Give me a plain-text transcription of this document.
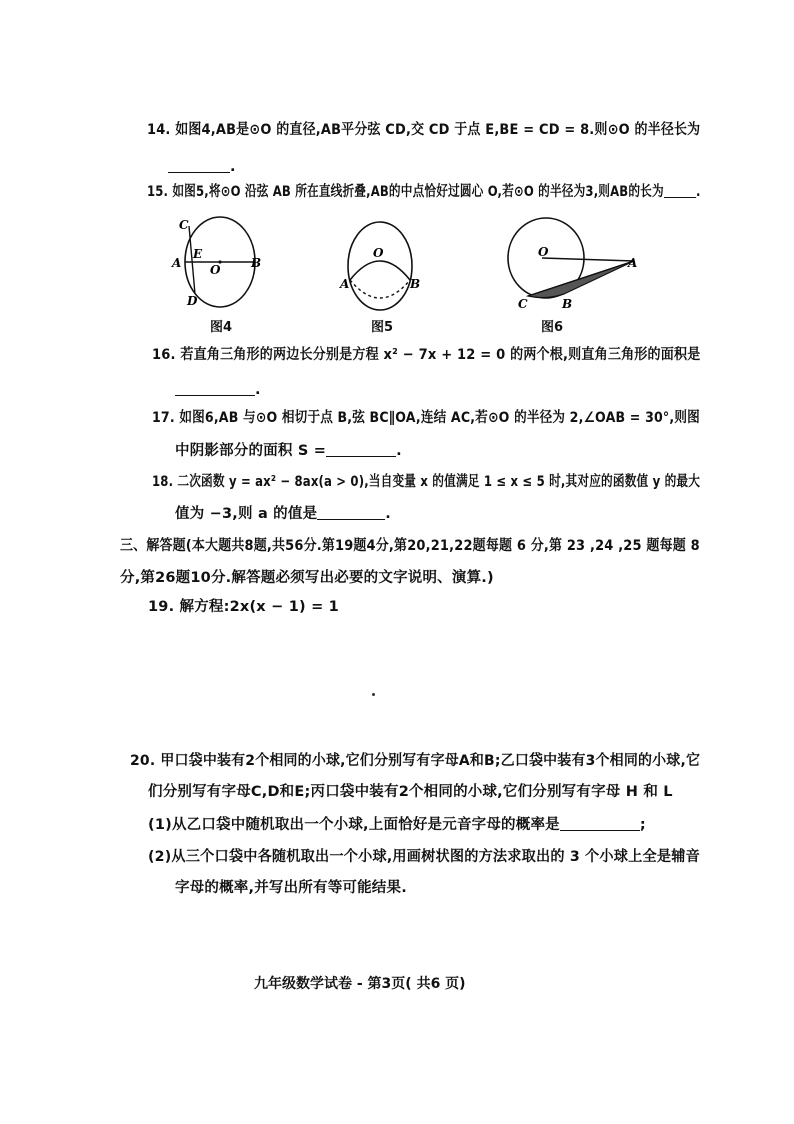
14. 如图4,AB是⊙O 的直径,AB平分弦 CD,交 CD 于点 E,BE = CD = 8.则⊙O 的半径长为
.
15. 如图5,将⊙O 沿弦 AB 所在直线折叠,AB的中点恰好过圆心 O,若⊙O 的半径为3,则AB的长为 .
C
E
A O	B
D
图4
O
A	B
图5
O
A
C	B
图6
16. 若直角三角形的两边长分别是方程 x² − 7x + 12 = 0 的两个根,则直角三角形的面积是
.
17. 如图6,AB 与⊙O 相切于点 B,弦 BC∥OA,连结 AC,若⊙O 的半径为 2,∠OAB = 30°,则图
中阴影部分的面积 S =	.
18. 二次函数 y = ax² − 8ax(a > 0),当自变量 x 的值满足 1 ≤ x ≤ 5 时,其对应的函数值 y 的最大
值为 −3,则 a 的值是	.
三、解答题(本大题共8题,共56分.第19题4分,第20,21,22题每题 6 分,第 23 ,24 ,25 题每题 8
分,第26题10分.解答题必须写出必要的文字说明、演算.)
19. 解方程:2x(x − 1) = 1
20. 甲口袋中装有2个相同的小球,它们分别写有字母A和B;乙口袋中装有3个相同的小球,它
们分别写有字母C,D和E;丙口袋中装有2个相同的小球,它们分别写有字母 H 和 L
(1)从乙口袋中随机取出一个小球,上面恰好是元音字母的概率是	;
(2)从三个口袋中各随机取出一个小球,用画树状图的方法求取出的 3 个小球上全是辅音
字母的概率,并写出所有等可能结果.
九年级数学试卷 - 第3页( 共6 页)
